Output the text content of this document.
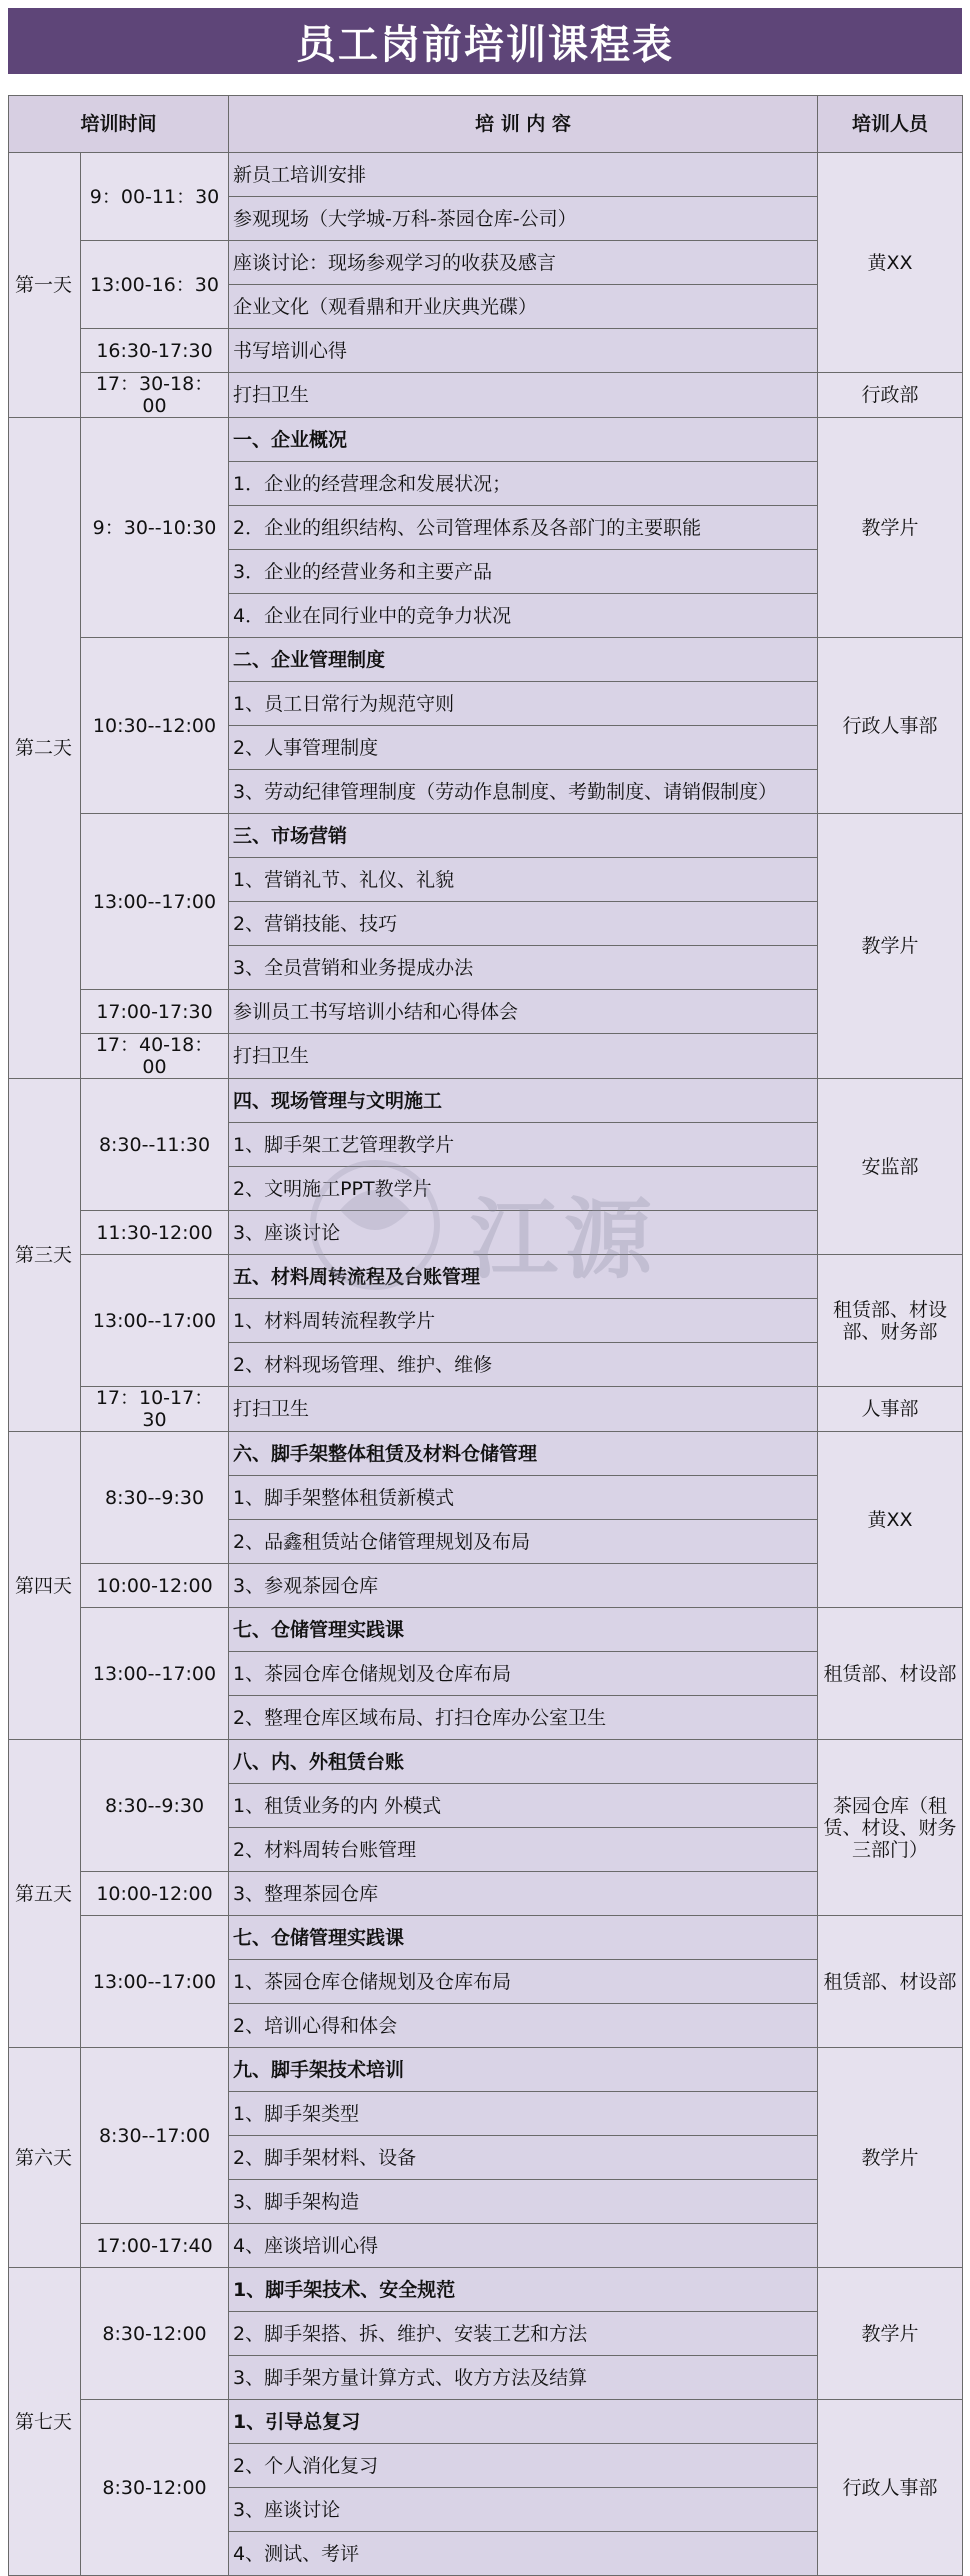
员工岗前培训课程表
培训时间		培 训 内 容	培训人员
第一天	9：00-11：30	新员工培训安排	黄XX
		参观现场（大学城-万科-茶园仓库-公司）	
	13:00-16：30	座谈讨论：现场参观学习的收获及感言	
		企业文化（观看鼎和开业庆典光碟）	
	16:30-17:30	书写培训心得	
	17：30-18：00	打扫卫生	行政部
第二天	9：30--10:30	一、企业概况	教学片
		1．企业的经营理念和发展状况；	
		2．企业的组织结构、公司管理体系及各部门的主要职能	
		3．企业的经营业务和主要产品	
		4．企业在同行业中的竞争力状况	
	10:30--12:00	二、企业管理制度	行政人事部
		1、员工日常行为规范守则	
		2、人事管理制度	
		3、劳动纪律管理制度（劳动作息制度、考勤制度、请销假制度）	
	13:00--17:00	三、市场营销	教学片
		1、营销礼节、礼仪、礼貌	
		2、营销技能、技巧	
		3、全员营销和业务提成办法	
	17:00-17:30	参训员工书写培训小结和心得体会	
	17：40-18：00	打扫卫生	
第三天	8:30--11:30	四、现场管理与文明施工	安监部
		1、脚手架工艺管理教学片	
		2、文明施工PPT教学片	
	11:30-12:00	3、座谈讨论	
	13:00--17:00	五、材料周转流程及台账管理	租赁部、材设部、财务部
		1、材料周转流程教学片	
		2、材料现场管理、维护、维修	
	17：10-17：30	打扫卫生	人事部
第四天	8:30--9:30	六、脚手架整体租赁及材料仓储管理	黄XX
		1、脚手架整体租赁新模式	
		2、品鑫租赁站仓储管理规划及布局	
	10:00-12:00	3、参观茶园仓库	
	13:00--17:00	七、仓储管理实践课	租赁部、材设部
		1、茶园仓库仓储规划及仓库布局	
		2、整理仓库区域布局、打扫仓库办公室卫生	
第五天	8:30--9:30	八、内、外租赁台账	茶园仓库（租赁、材设、财务三部门）
		1、租赁业务的内 外模式	
		2、材料周转台账管理	
	10:00-12:00	3、整理茶园仓库	
	13:00--17:00	七、仓储管理实践课	租赁部、材设部
		1、茶园仓库仓储规划及仓库布局	
		2、培训心得和体会	
第六天	8:30--17:00	九、脚手架技术培训	教学片
		1、脚手架类型	
		2、脚手架材料、设备	
		3、脚手架构造	
	17:00-17:40	4、座谈培训心得	
第七天	8:30-12:00	1、脚手架技术、安全规范	教学片
		2、脚手架搭、拆、维护、安装工艺和方法	
		3、脚手架方量计算方式、收方方法及结算	
	8:30-12:00	1、引导总复习	行政人事部
		2、个人消化复习	
		3、座谈讨论	
		4、测试、考评	
江源
